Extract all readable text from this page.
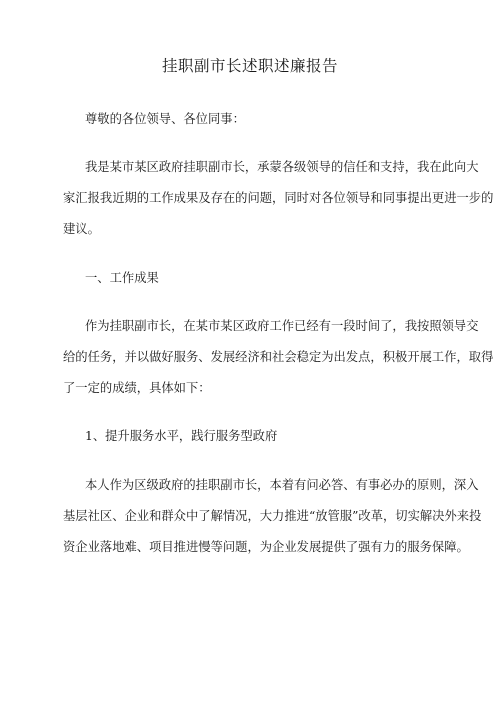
挂职副市长述职述廉报告
尊敬的各位领导、各位同事：
我是某市某区政府挂职副市长，承蒙各级领导的信任和支持，我在此向大
家汇报我近期的工作成果及存在的问题，同时对各位领导和同事提出更进一步的
建议。
一、工作成果
作为挂职副市长，在某市某区政府工作已经有一段时间了，我按照领导交
给的任务，并以做好服务、发展经济和社会稳定为出发点，积极开展工作，取得
了一定的成绩，具体如下：
1、提升服务水平，践行服务型政府
本人作为区级政府的挂职副市长，本着有问必答、有事必办的原则，深入
基层社区、企业和群众中了解情况，大力推进“放管服”改革，切实解决外来投
资企业落地难、项目推进慢等问题，为企业发展提供了强有力的服务保障。
